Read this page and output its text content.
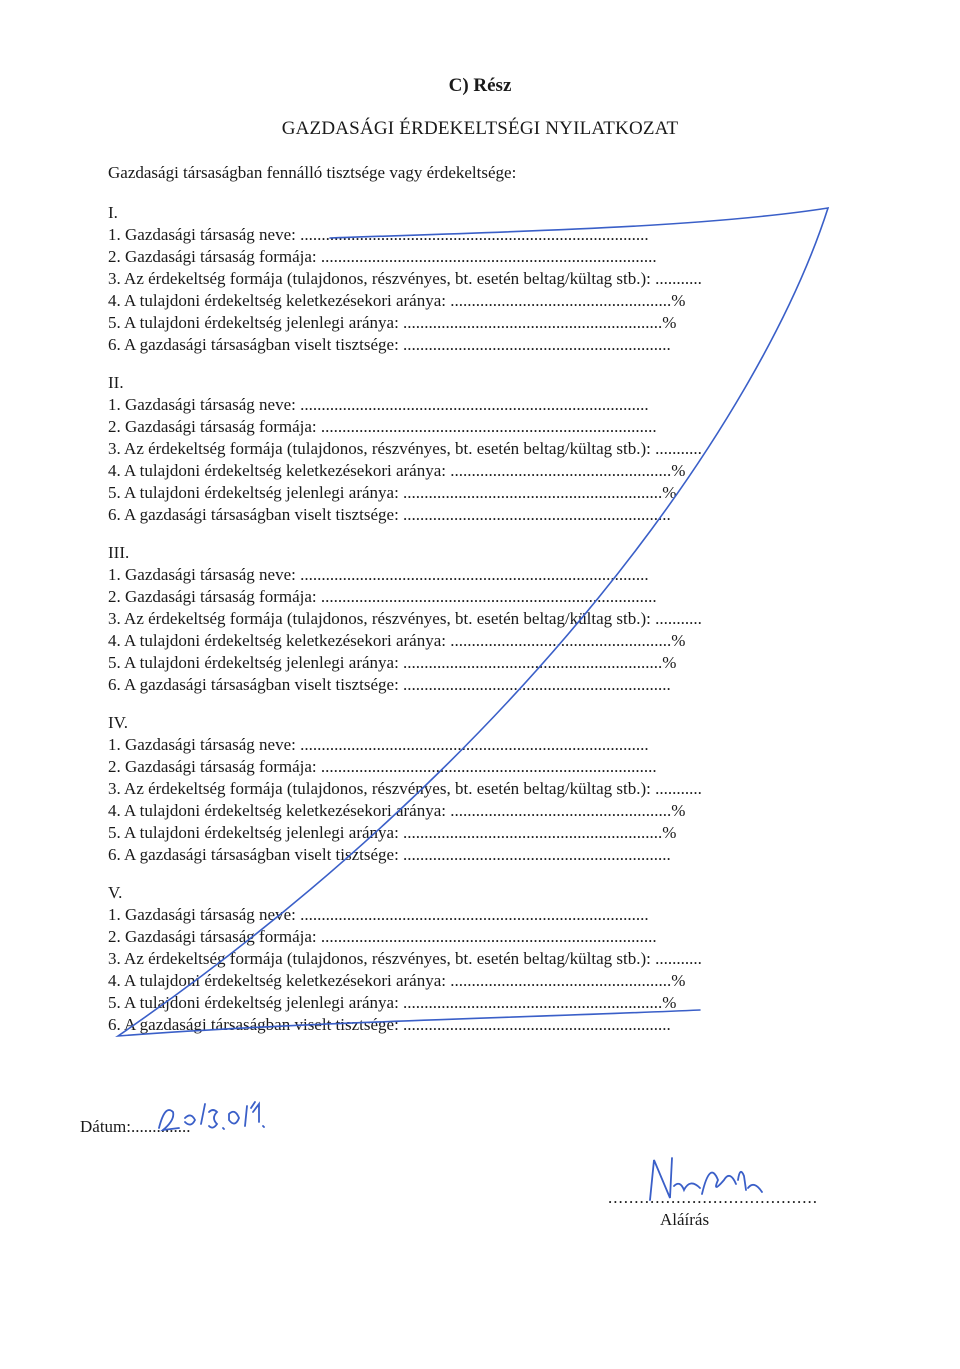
C) Rész
GAZDASÁGI ÉRDEKELTSÉGI NYILATKOZAT
Gazdasági társaságban fennálló tisztsége vagy érdekeltsége:
I.
1. Gazdasági társaság neve: ..................................................................................
2. Gazdasági társaság formája: ...............................................................................
3. Az érdekeltség formája (tulajdonos, részvényes, bt. esetén beltag/kültag stb.): ...........
4. A tulajdoni érdekeltség keletkezésekori aránya: ....................................................%
5. A tulajdoni érdekeltség jelenlegi aránya: .............................................................%
6. A gazdasági társaságban viselt tisztsége: ...............................................................
II.
1. Gazdasági társaság neve: ..................................................................................
2. Gazdasági társaság formája: ...............................................................................
3. Az érdekeltség formája (tulajdonos, részvényes, bt. esetén beltag/kültag stb.): ...........
4. A tulajdoni érdekeltség keletkezésekori aránya: ....................................................%
5. A tulajdoni érdekeltség jelenlegi aránya: .............................................................%
6. A gazdasági társaságban viselt tisztsége: ...............................................................
III.
1. Gazdasági társaság neve: ..................................................................................
2. Gazdasági társaság formája: ...............................................................................
3. Az érdekeltség formája (tulajdonos, részvényes, bt. esetén beltag/kültag stb.): ...........
4. A tulajdoni érdekeltség keletkezésekori aránya: ....................................................%
5. A tulajdoni érdekeltség jelenlegi aránya: .............................................................%
6. A gazdasági társaságban viselt tisztsége: ...............................................................
IV.
1. Gazdasági társaság neve: ..................................................................................
2. Gazdasági társaság formája: ...............................................................................
3. Az érdekeltség formája (tulajdonos, részvényes, bt. esetén beltag/kültag stb.): ...........
4. A tulajdoni érdekeltség keletkezésekori aránya: ....................................................%
5. A tulajdoni érdekeltség jelenlegi aránya: .............................................................%
6. A gazdasági társaságban viselt tisztsége: ...............................................................
V.
1. Gazdasági társaság neve: ..................................................................................
2. Gazdasági társaság formája: ...............................................................................
3. Az érdekeltség formája (tulajdonos, részvényes, bt. esetén beltag/kültag stb.): ...........
4. A tulajdoni érdekeltség keletkezésekori aránya: ....................................................%
5. A tulajdoni érdekeltség jelenlegi aránya: .............................................................%
6. A gazdasági társaságban viselt tisztsége: ...............................................................
Dátum:..............
........................................
Aláírás
